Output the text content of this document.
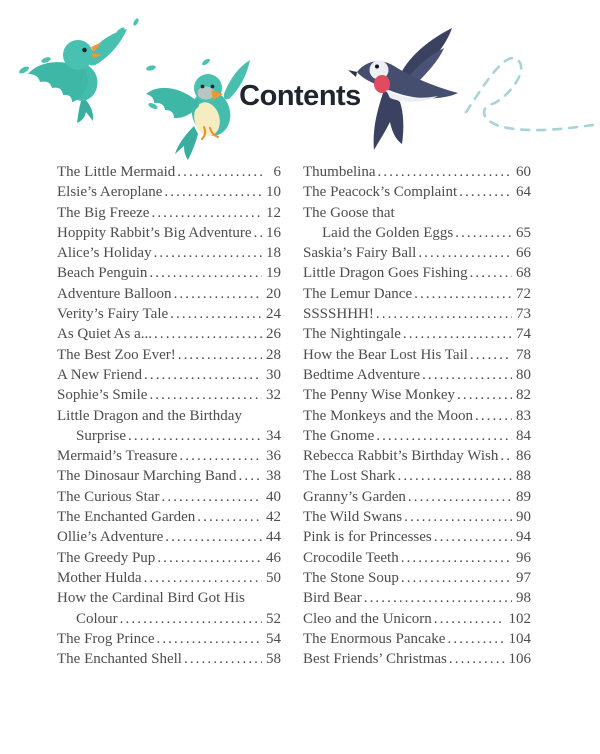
Contents
The Little Mermaid .....	6
Elsie’s Aeroplane .....	10
The Big Freeze .....	12
Hoppity Rabbit’s Big Adventure ..... 16
Alice’s Holiday .....	18
Beach Penguin .....	19
Adventure Balloon .....	20
Verity’s Fairy Tale .....	24
As Quiet As a... .....	26
The Best Zoo Ever! .....	28
A New Friend .....	30
Sophie’s Smile .....	32
Little Dragon and the Birthday
Surprise .....	34
Mermaid’s Treasure .....	36
The Dinosaur Marching Band ..... 38
The Curious Star .....	40
The Enchanted Garden .....	42
Ollie’s Adventure .....	44
The Greedy Pup .....	46
Mother Hulda .....	50
How the Cardinal Bird Got His
Colour .....	52
The Frog Prince .....	54
The Enchanted Shell .....	58
Thumbelina .....	60
The Peacock’s Complaint .....	64
The Goose that
Laid the Golden Eggs .....	65
Saskia’s Fairy Ball .....	66
Little Dragon Goes Fishing .....	68
The Lemur Dance .....	72
SSSSHHH! .....	73
The Nightingale .....	74
How the Bear Lost His Tail .....	78
Bedtime Adventure .....	80
The Penny Wise Monkey .....	82
The Monkeys and the Moon .....	83
The Gnome .....	84
Rebecca Rabbit’s Birthday Wish ..... 86
The Lost Shark .....	88
Granny’s Garden .....	89
The Wild Swans .....	90
Pink is for Princesses .....	94
Crocodile Teeth .....	96
The Stone Soup .....	97
Bird Bear .....	98
Cleo and the Unicorn .....	102
The Enormous Pancake .....	104
Best Friends’ Christmas .....	106
